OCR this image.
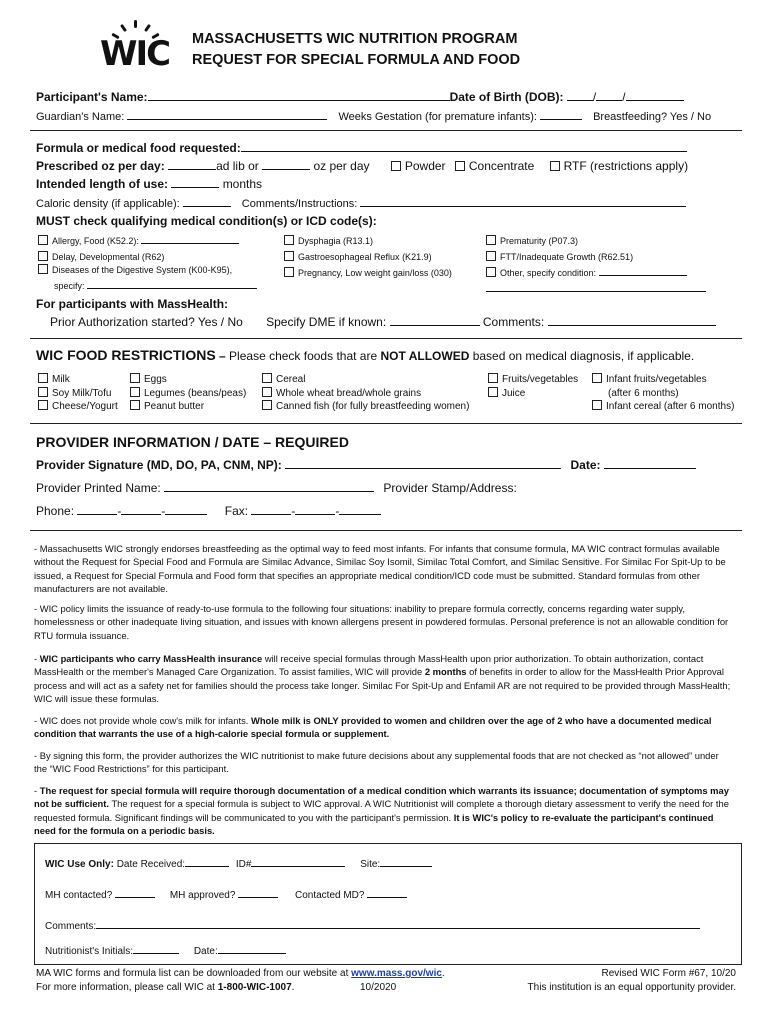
WIC MASSACHUSETTS WIC NUTRITION PROGRAM
REQUEST FOR SPECIAL FORMULA AND FOOD
Participant's Name:	Date of Birth (DOB): / /
Guardian's Name:	Weeks Gestation (for premature infants):	Breastfeeding? Yes / No
Formula or medical food requested:
Prescribed oz per day:	ad lib or	oz per day	Powder Concentrate RTF (restrictions apply)
Intended length of use:	months
Caloric density (if applicable):	Comments/Instructions:
MUST check qualifying medical condition(s) or ICD code(s):
Allergy, Food (K52.2):
Delay, Developmental (R62)
Diseases of the Digestive System (K00-K95),
specify:
Dysphagia (R13.1)
Gastroesophageal Reflux (K21.9)
Pregnancy, Low weight gain/loss (030)
Prematurity (P07.3)
FTT/Inadequate Growth (R62.51)
Other, specify condition:
For participants with MassHealth:
Prior Authorization started? Yes / No Specify DME if known:	Comments:
WIC FOOD RESTRICTIONS – Please check foods that are NOT ALLOWED based on medical diagnosis, if applicable.
Milk
Soy Milk/Tofu
Cheese/Yogurt
Eggs
Legumes (beans/peas)
Peanut butter
Cereal
Whole wheat bread/whole grains
Canned fish (for fully breastfeeding women)
Fruits/vegetables
Juice
Infant fruits/vegetables
(after 6 months)
Infant cereal (after 6 months)
PROVIDER INFORMATION / DATE – REQUIRED
Provider Signature (MD, DO, PA, CNM, NP):	Date:
Provider Printed Name:	Provider Stamp/Address:
Phone:	-	-	Fax:	-	-
- Massachusetts WIC strongly endorses breastfeeding as the optimal way to feed most infants. For infants that consume formula, MA WIC contract formulas available without the Request for Special Food and Formula are Similac Advance, Similac Soy Isomil, Similac Total Comfort, and Similac Sensitive. For Similac For Spit-Up to be issued, a Request for Special Formula and Food form that specifies an appropriate medical condition/ICD code must be submitted. Standard formulas from other manufacturers are not available.
- WIC policy limits the issuance of ready-to-use formula to the following four situations: inability to prepare formula correctly, concerns regarding water supply, homelessness or other inadequate living situation, and issues with known allergens present in powdered formulas. Personal preference is not an allowable condition for RTU formula issuance.
- WIC participants who carry MassHealth insurance will receive special formulas through MassHealth upon prior authorization. To obtain authorization, contact MassHealth or the member's Managed Care Organization. To assist families, WIC will provide 2 months of benefits in order to allow for the MassHealth Prior Approval process and will act as a safety net for families should the process take longer. Similac For Spit-Up and Enfamil AR are not required to be provided through MassHealth; WIC will issue these formulas.
- WIC does not provide whole cow's milk for infants. Whole milk is ONLY provided to women and children over the age of 2 who have a documented medical condition that warrants the use of a high-calorie special formula or supplement.
- By signing this form, the provider authorizes the WIC nutritionist to make future decisions about any supplemental foods that are not checked as “not allowed” under the “WIC Food Restrictions” for this participant.
- The request for special formula will require thorough documentation of a medical condition which warrants its issuance; documentation of symptoms may not be sufficient. The request for a special formula is subject to WIC approval. A WIC Nutritionist will complete a thorough dietary assessment to verify the need for the requested formula. Significant findings will be communicated to you with the participant's permission. It is WIC's policy to re-evaluate the participant's continued need for the formula on a periodic basis.
WIC Use Only: Date Received:	ID#	Site:
MH contacted?	MH approved?	Contacted MD?
Comments:
Nutritionist's Initials:	Date:
MA WIC forms and formula list can be downloaded from our website at www.mass.gov/wic.
For more information, please call WIC at 1-800-WIC-1007.	10/2020
Revised WIC Form #67, 10/20
This institution is an equal opportunity provider.
